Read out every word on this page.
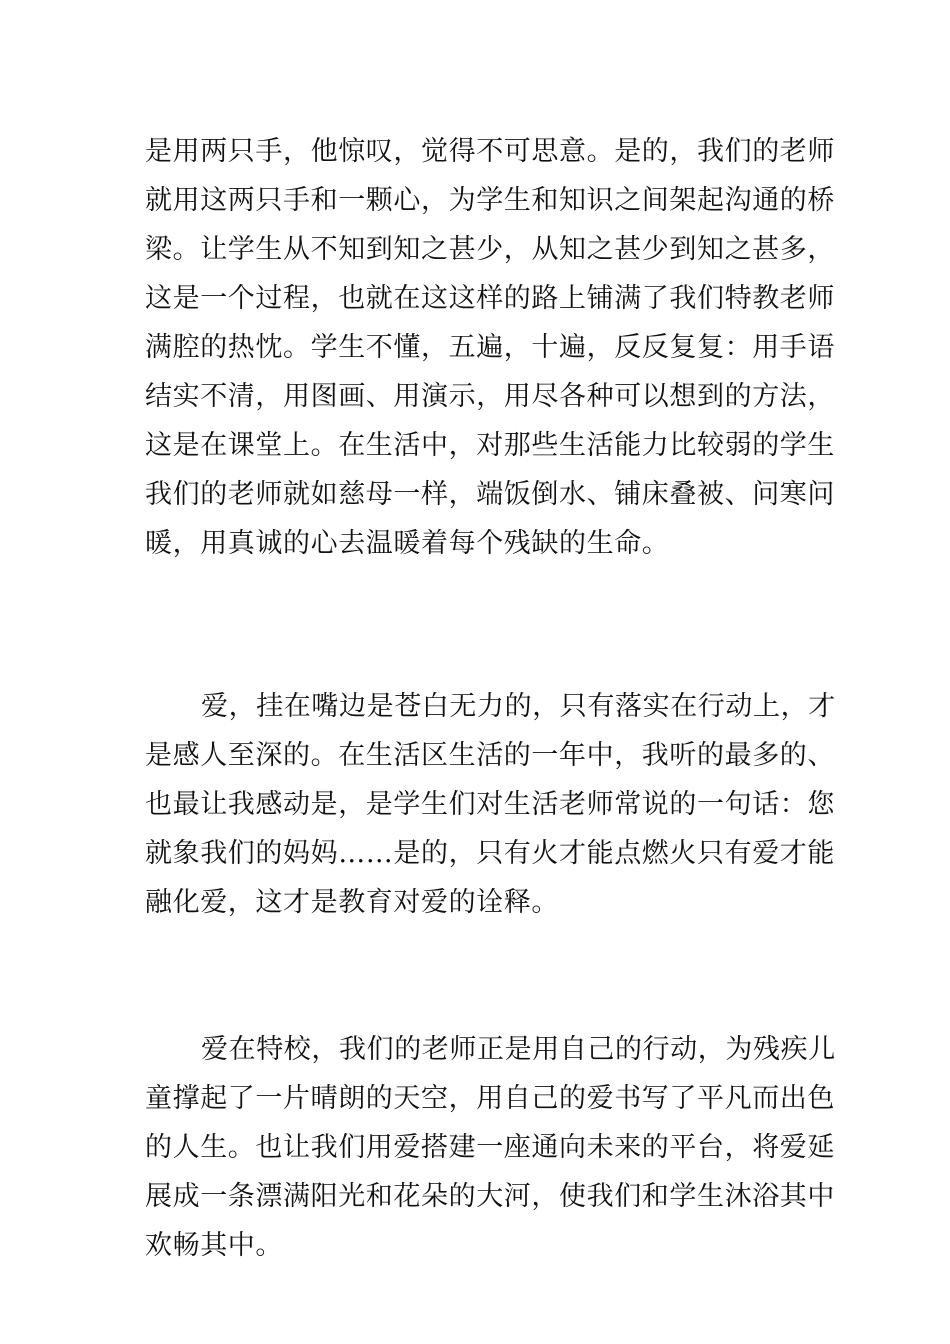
是用两只手，他惊叹，觉得不可思意。是的，我们的老师
就用这两只手和一颗心，为学生和知识之间架起沟通的桥
梁。让学生从不知到知之甚少，从知之甚少到知之甚多，
这是一个过程，也就在这这样的路上铺满了我们特教老师
满腔的热忱。学生不懂，五遍，十遍，反反复复：用手语
结实不清，用图画、用演示，用尽各种可以想到的方法，
这是在课堂上。在生活中，对那些生活能力比较弱的学生
我们的老师就如慈母一样，端饭倒水、铺床叠被、问寒问
暖，用真诚的心去温暖着每个残缺的生命。
爱，挂在嘴边是苍白无力的，只有落实在行动上，才
是感人至深的。在生活区生活的一年中，我听的最多的、
也最让我感动是，是学生们对生活老师常说的一句话：您
就象我们的妈妈……是的，只有火才能点燃火只有爱才能
融化爱，这才是教育对爱的诠释。
爱在特校，我们的老师正是用自己的行动，为残疾儿
童撑起了一片晴朗的天空，用自己的爱书写了平凡而出色
的人生。也让我们用爱搭建一座通向未来的平台，将爱延
展成一条漂满阳光和花朵的大河，使我们和学生沐浴其中
欢畅其中。
